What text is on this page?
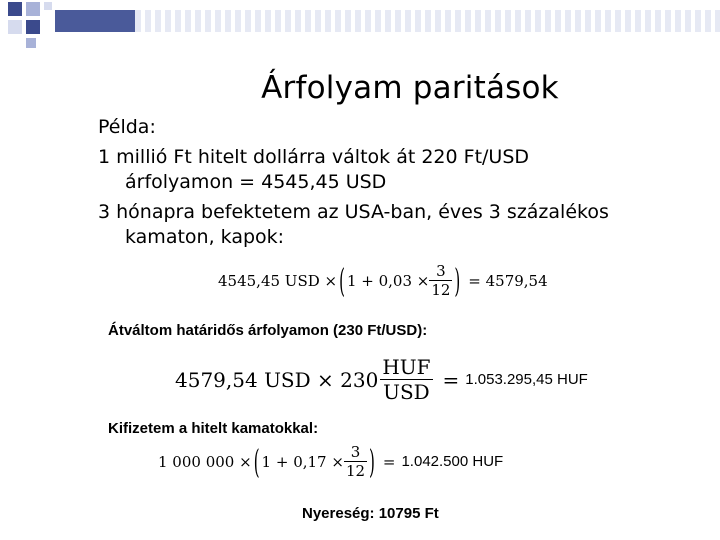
Árfolyam paritások

Példa:

1 millió Ft hitelt dollárra váltok át 220 Ft/USD
árfolyamon = 4545,45 USD
3 hónapra befektetem az USA-ban, éves 3 százalékos
kamaton, kapok:
4545,45 USD × ( $1 + 0,03 \times \frac{3}{12}$ ) = 4579,54
Átváltom határidős árfolyamon (230 Ft/USD):
4579,54 USD × $230 \frac{\text{HUF}}{\text{USD}} = 1.053.295,45$ HUF
Kifizetem a hitelt kamatokkal:
1 000 000 × ( $1 + 0,17 \times \frac{3}{12}$ ) = 1.042.500 HUF
Nyereség: 10795 Ft
